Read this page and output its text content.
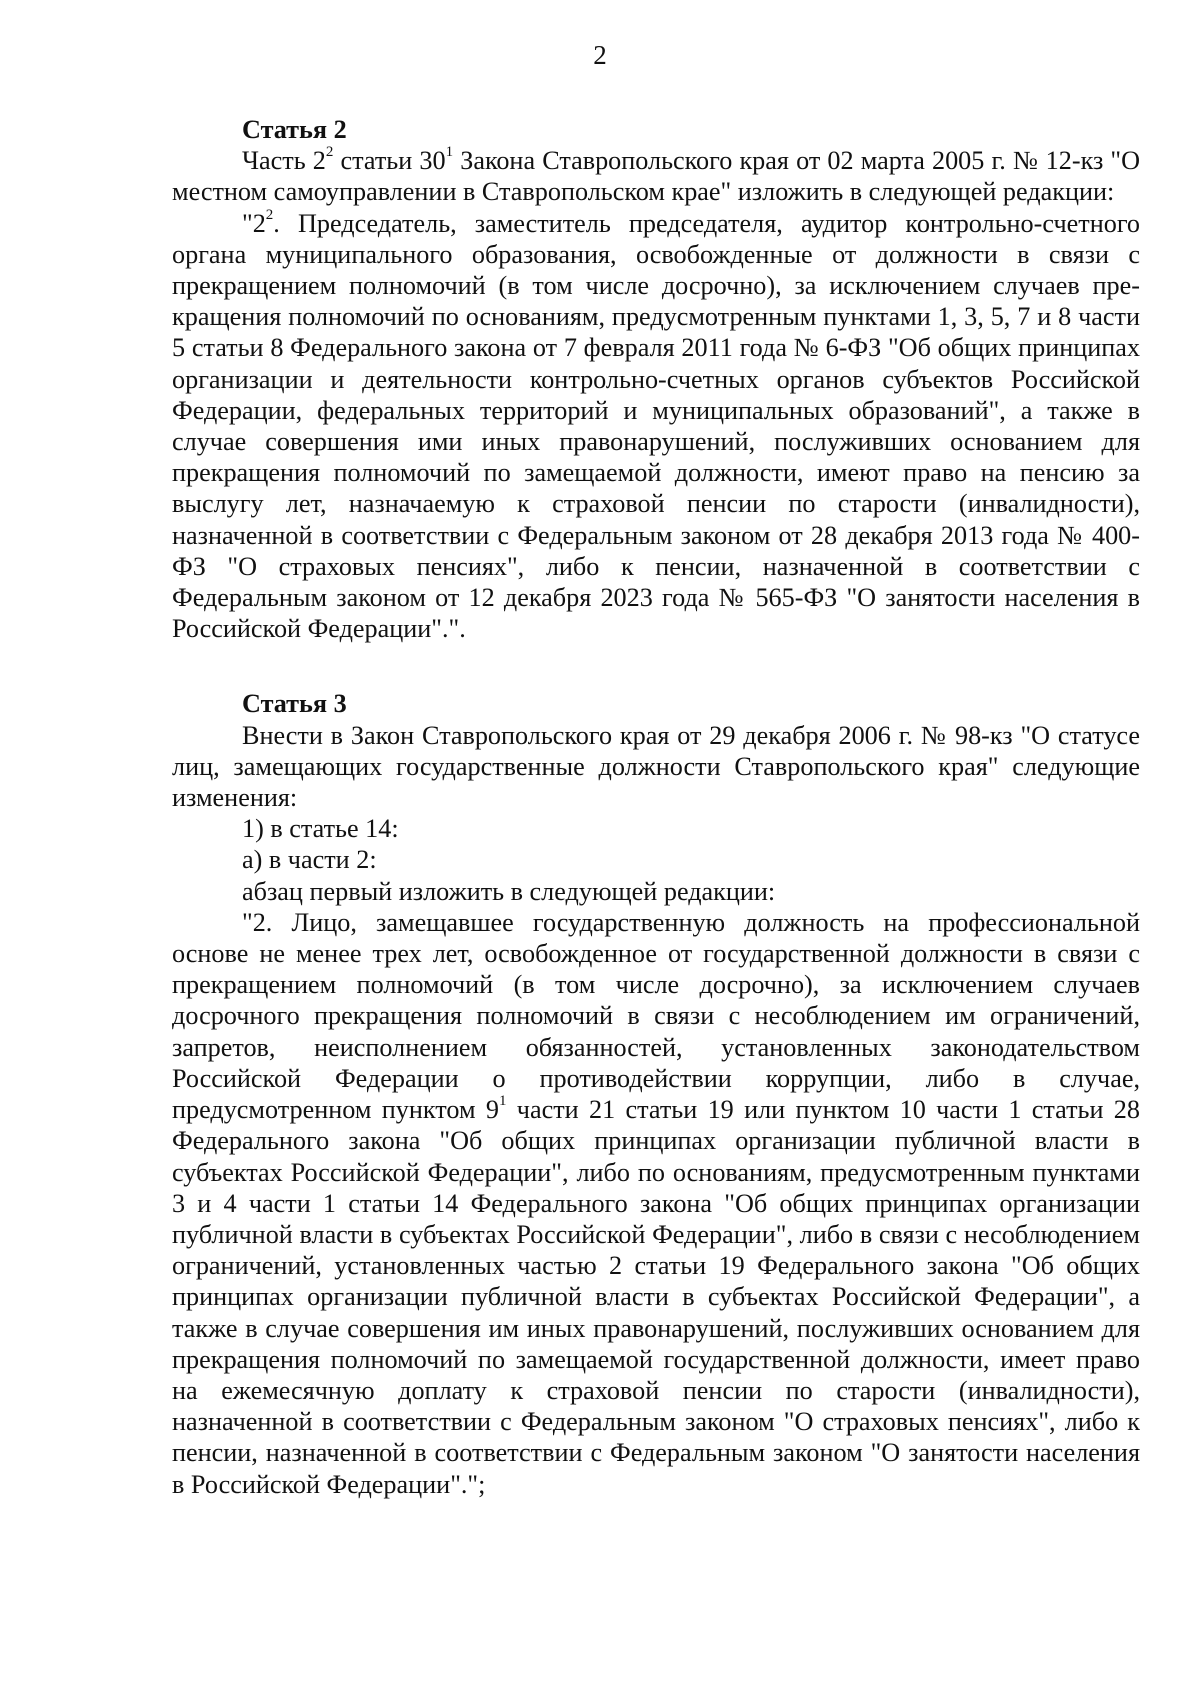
2

Статья 2

Часть $2^2$ статьи $30^1$ Закона Ставропольского края от 02 марта 2005 г. № 12-кз "О местном самоуправлении в Ставропольском крае" изложить в следующей редакции:

"$2^2$. Председатель, заместитель председателя, аудитор контрольно-счетного органа муниципального образования, освобожденные от должности в связи с прекращением полномочий (в том числе досрочно), за исключением случаев прекращения полномочий по основаниям, предусмотренным пунктами 1, 3, 5, 7 и 8 части 5 статьи 8 Федерального закона от 7 февраля 2011 года № 6-ФЗ "Об общих принципах организации и деятельности контрольно-счетных органов субъектов Российской Федерации, федеральных территорий и муниципальных образований", а также в случае совершения ими иных правонарушений, послуживших основанием для прекращения полномочий по замещаемой должности, имеют право на пенсию за выслугу лет, назначаемую к страховой пенсии по старости (инвалидности), назначенной в соответствии с Федеральным законом от 28 декабря 2013 года № 400-ФЗ "О страховых пенсиях", либо к пенсии, назначенной в соответствии с Федеральным законом от 12 декабря 2023 года № 565-ФЗ "О занятости населения в Российской Федерации".".

Статья 3

Внести в Закон Ставропольского края от 29 декабря 2006 г. № 98-кз "О статусе лиц, замещающих государственные должности Ставропольского края" следующие изменения:

1) в статье 14:

а) в части 2:

абзац первый изложить в следующей редакции:

"2. Лицо, замещавшее государственную должность на профессиональной основе не менее трех лет, освобожденное от государственной должности в связи с прекращением полномочий (в том числе досрочно), за исключением случаев досрочного прекращения полномочий в связи с несоблюдением им ограничений, запретов, неисполнением обязанностей, установленных законодательством Российской Федерации о противодействии коррупции, либо в случае, предусмотренном пунктом $9^1$ части 21 статьи 19 или пунктом 10 части 1 статьи 28 Федерального закона "Об общих принципах организации публичной власти в субъектах Российской Федерации", либо по основаниям, предусмотренным пунктами 3 и 4 части 1 статьи 14 Федерального закона "Об общих принципах организации публичной власти в субъектах Российской Федерации", либо в связи с несоблюдением ограничений, установленных частью 2 статьи 19 Федерального закона "Об общих принципах организации публичной власти в субъектах Российской Федерации", а также в случае совершения им иных правонарушений, послуживших основанием для прекращения полномочий по замещаемой государственной должности, имеет право на ежемесячную доплату к страховой пенсии по старости (инвалидности), назначенной в соответствии с Федеральным законом "О страховых пенсиях", либо к пенсии, назначенной в соответствии с Федеральным законом "О занятости населения в Российской Федерации".";
